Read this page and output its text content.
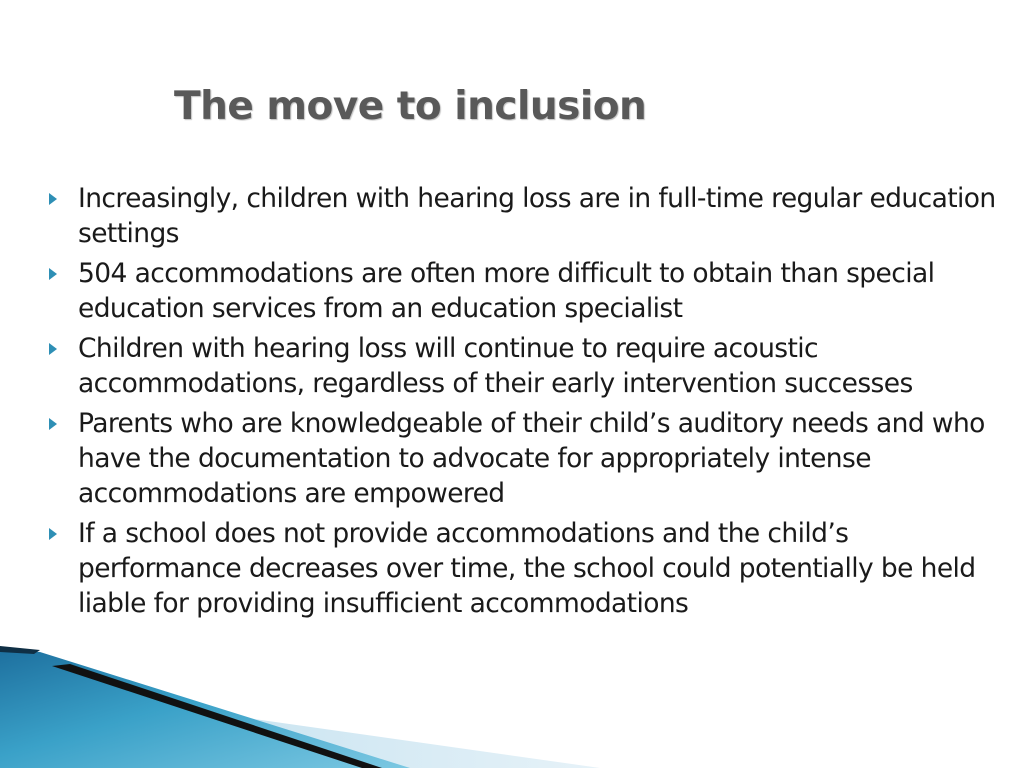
The move to inclusion
Increasingly, children with hearing loss are in full-time regular education settings
504 accommodations are often more difficult to obtain than special education services from an education specialist
Children with hearing loss will continue to require acoustic accommodations, regardless of their early intervention successes
Parents who are knowledgeable of their child’s auditory needs and who have the documentation to advocate for appropriately intense accommodations are empowered
If a school does not provide accommodations and the child’s performance decreases over time, the school could potentially be held liable for providing insufficient accommodations
